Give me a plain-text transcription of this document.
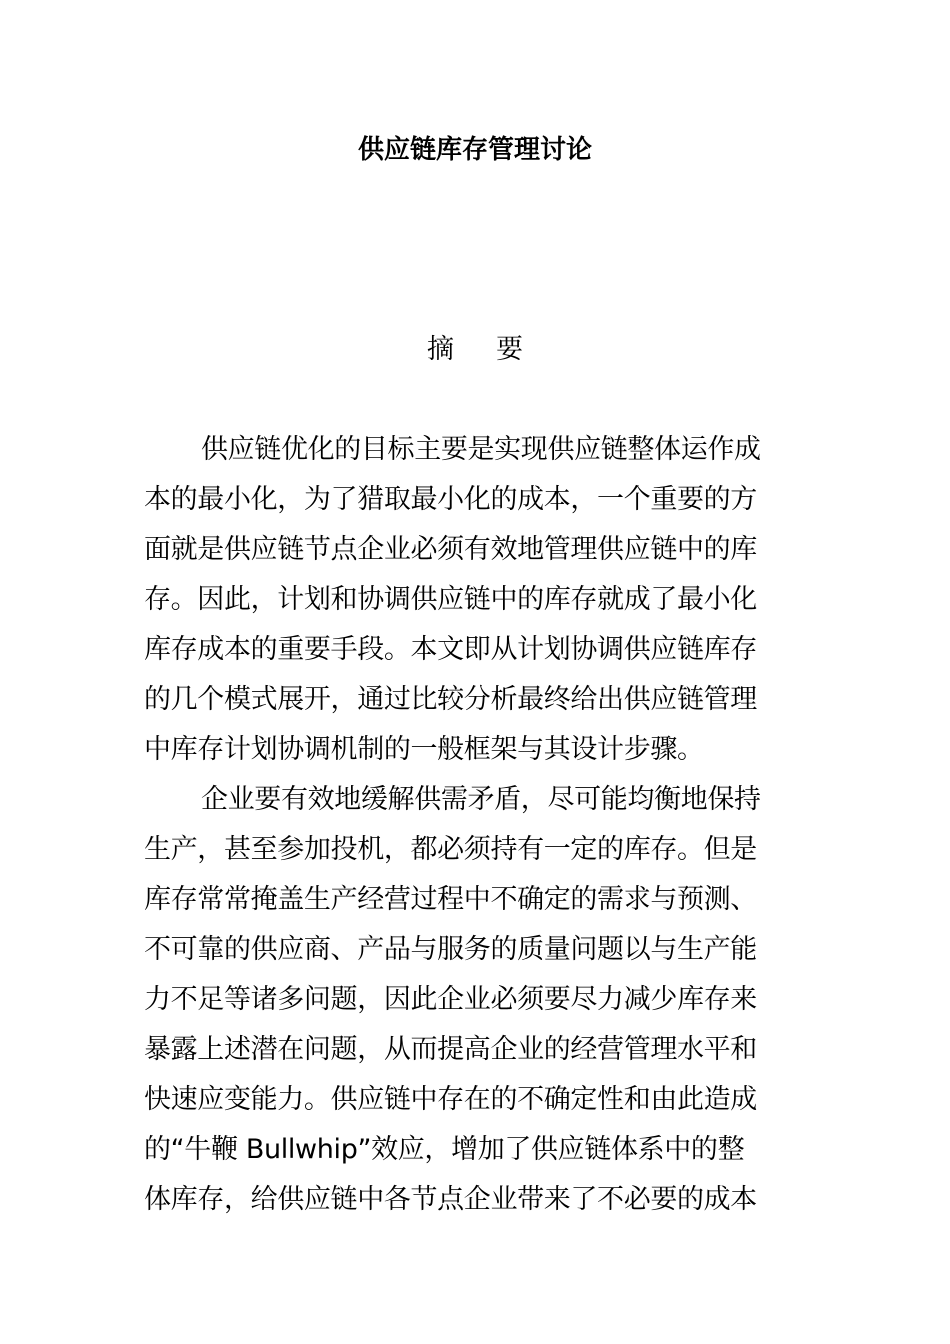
供应链库存管理讨论
摘 要
供应链优化的目标主要是实现供应链整体运作成
本的最小化，为了猎取最小化的成本，一个重要的方
面就是供应链节点企业必须有效地管理供应链中的库
存。因此，计划和协调供应链中的库存就成了最小化
库存成本的重要手段。本文即从计划协调供应链库存
的几个模式展开，通过比较分析最终给出供应链管理
中库存计划协调机制的一般框架与其设计步骤。
企业要有效地缓解供需矛盾，尽可能均衡地保持
生产，甚至参加投机，都必须持有一定的库存。但是
库存常常掩盖生产经营过程中不确定的需求与预测、
不可靠的供应商、产品与服务的质量问题以与生产能
力不足等诸多问题，因此企业必须要尽力减少库存来
暴露上述潜在问题，从而提高企业的经营管理水平和
快速应变能力。供应链中存在的不确定性和由此造成
的“牛鞭 Bullwhip”效应，增加了供应链体系中的整
体库存，给供应链中各节点企业带来了不必要的成本
